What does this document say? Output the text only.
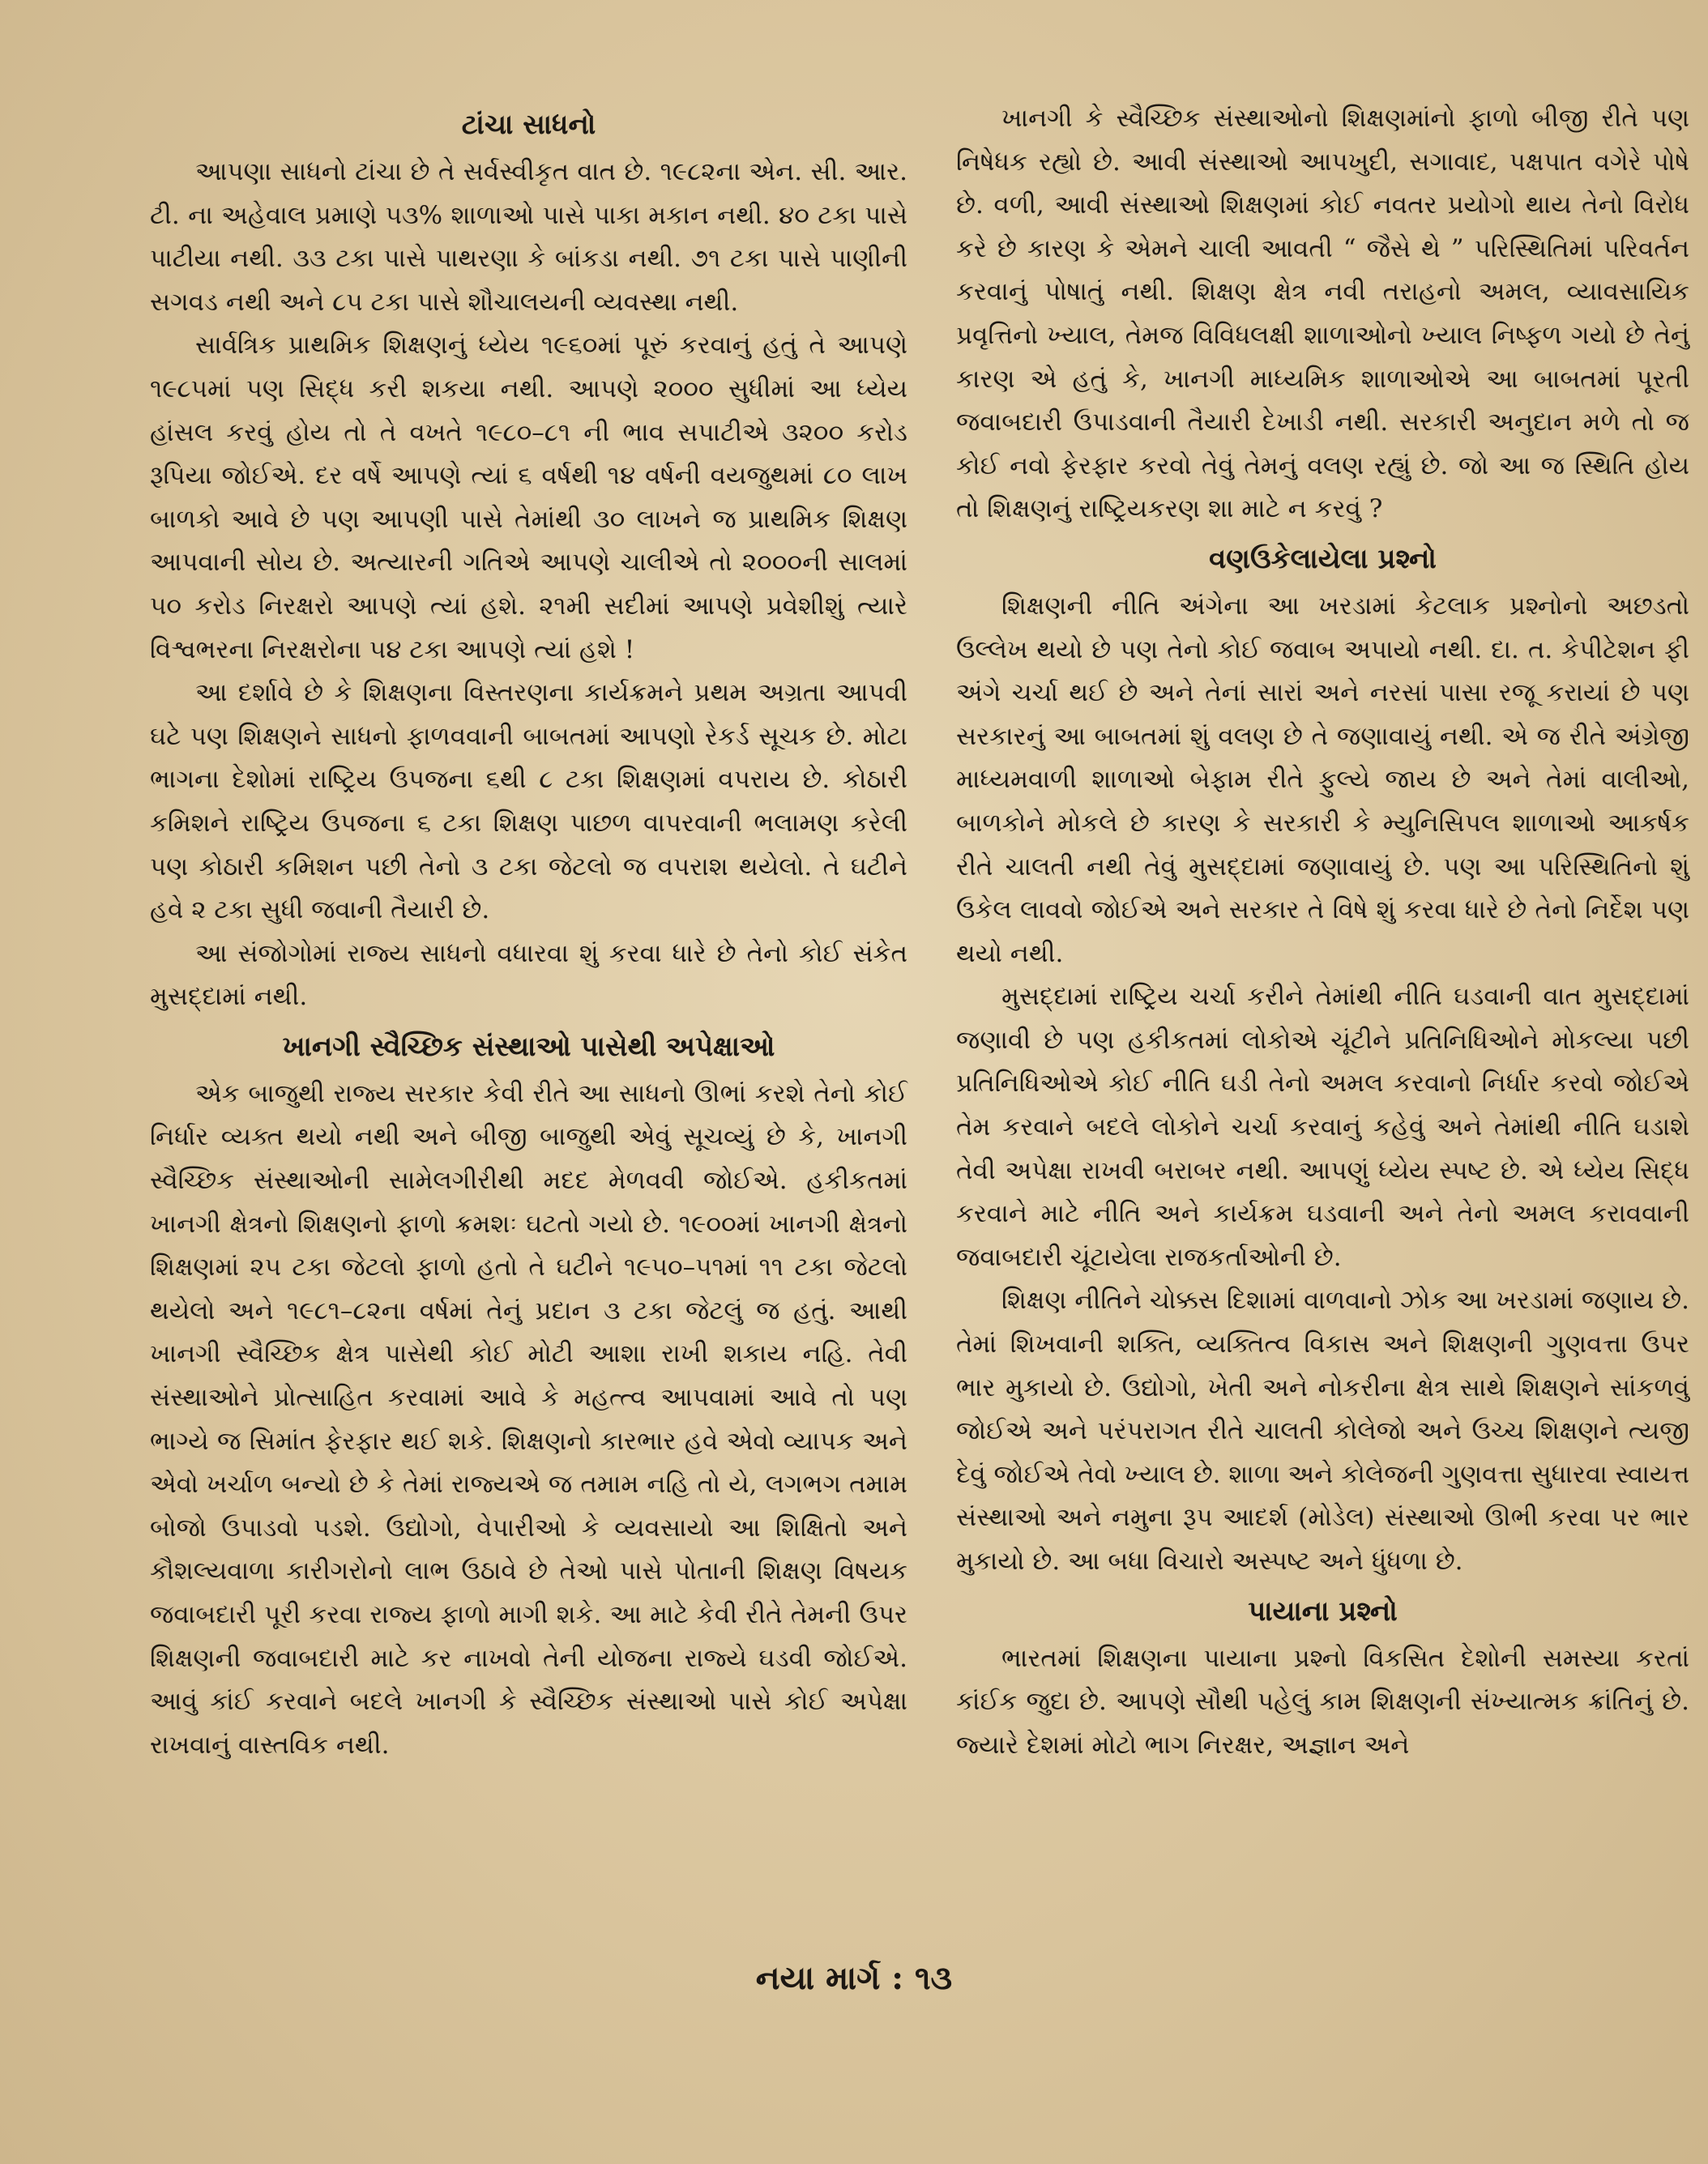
ટાંચા સાધનો

આપણા સાધનો ટાંચા છે તે સર્વસ્વીકૃત વાત છે. ૧૯૮૨ના એન. સી. આર. ટી. ના અહેવાલ પ્રમાણે ૫૩% શાળાઓ પાસે પાકા મકાન નથી. ૪૦ ટકા પાસે પાટીયા નથી. ૩૩ ટકા પાસે પાથરણા કે બાંકડા નથી. ૭૧ ટકા પાસે પાણીની સગવડ નથી અને ૮૫ ટકા પાસે શૌચાલયની વ્યવસ્થા નથી.

સાર્વત્રિક પ્રાથમિક શિક્ષણનું ધ્યેય ૧૯૬૦માં પૂરું કરવાનું હતું તે આપણે ૧૯૮૫માં પણ સિદ્ધ કરી શકયા નથી. આપણે ૨૦૦૦ સુધીમાં આ ધ્યેય હાંસલ કરવું હોય તો તે વખતે ૧૯૮૦–૮૧ ની ભાવ સપાટીએ ૩૨૦૦ કરોડ રૂપિયા જોઈએ. દર વર્ષે આપણે ત્યાં ૬ વર્ષથી ૧૪ વર્ષની વયજુથમાં ૮૦ લાખ બાળકો આવે છે પણ આપણી પાસે તેમાંથી ૩૦ લાખને જ પ્રાથમિક શિક્ષણ આપવાની સોય છે. અત્યારની ગતિએ આપણે ચાલીએ તો ૨૦૦૦ની સાલમાં ૫૦ કરોડ નિરક્ષરો આપણે ત્યાં હશે. ૨૧મી સદીમાં આપણે પ્રવેશીશું ત્યારે વિશ્વભરના નિરક્ષરોના ૫૪ ટકા આપણે ત્યાં હશે !

આ દર્શાવે છે કે શિક્ષણના વિસ્તરણના કાર્યક્રમને પ્રથમ અગ્રતા આપવી ઘટે પણ શિક્ષણને સાધનો ફાળવવાની બાબતમાં આપણો રેકર્ડ સૂચક છે. મોટા ભાગના દેશોમાં રાષ્ટ્રિય ઉપજના ૬થી ૮ ટકા શિક્ષણમાં વપરાય છે. કોઠારી કમિશને રાષ્ટ્રિય ઉપજના ૬ ટકા શિક્ષણ પાછળ વાપરવાની ભલામણ કરેલી પણ કોઠારી કમિશન પછી તેનો ૩ ટકા જેટલો જ વપરાશ થયેલો. તે ઘટીને હવે ૨ ટકા સુધી જવાની તૈયારી છે.

આ સંજોગોમાં રાજ્ય સાધનો વધારવા શું કરવા ધારે છે તેનો કોઈ સંકેત મુસદ્દામાં નથી.

ખાનગી સ્વૈચ્છિક સંસ્થાઓ પાસેથી અપેક્ષાઓ

એક બાજુથી રાજ્ય સરકાર કેવી રીતે આ સાધનો ઊભાં કરશે તેનો કોઈ નિર્ધાર વ્યક્ત થયો નથી અને બીજી બાજુથી એવું સૂચવ્યું છે કે, ખાનગી સ્વૈચ્છિક સંસ્થાઓની સામેલગીરીથી મદદ મેળવવી જોઈએ. હકીકતમાં ખાનગી ક્ષેત્રનો શિક્ષણનો ફાળો ક્રમશઃ ઘટતો ગયો છે. ૧૯૦૦માં ખાનગી ક્ષેત્રનો શિક્ષણમાં ૨૫ ટકા જેટલો ફાળો હતો તે ઘટીને ૧૯૫૦–૫૧માં ૧૧ ટકા જેટલો થયેલો અને ૧૯૮૧–૮૨ના વર્ષમાં તેનું પ્રદાન ૩ ટકા જેટલું જ હતું. આથી ખાનગી સ્વૈચ્છિક ક્ષેત્ર પાસેથી કોઈ મોટી આશા રાખી શકાય નહિ. તેવી સંસ્થાઓને પ્રોત્સાહિત કરવામાં આવે કે મહત્ત્વ આપવામાં આવે તો પણ ભાગ્યે જ સિમાંત ફેરફાર થઈ શકે. શિક્ષણનો કારભાર હવે એવો વ્યાપક અને એવો ખર્ચાળ બન્યો છે કે તેમાં રાજ્યએ જ તમામ નહિ તો યે, લગભગ તમામ બોજો ઉપાડવો પડશે. ઉદ્યોગો, વેપારીઓ કે વ્યવસાયો આ શિક્ષિતો અને કૌશલ્યવાળા કારીગરોનો લાભ ઉઠાવે છે તેઓ પાસે પોતાની શિક્ષણ વિષયક જવાબદારી પૂરી કરવા રાજ્ય ફાળો માગી શકે. આ માટે કેવી રીતે તેમની ઉપર શિક્ષણની જવાબદારી માટે કર નાખવો તેની યોજના રાજ્યે ઘડવી જોઈએ. આવું કાંઈ કરવાને બદલે ખાનગી કે સ્વૈચ્છિક સંસ્થાઓ પાસે કોઈ અપેક્ષા રાખવાનું વાસ્તવિક નથી.

ખાનગી કે સ્વૈચ્છિક સંસ્થાઓનો શિક્ષણમાંનો ફાળો બીજી રીતે પણ નિષેધક રહ્યો છે. આવી સંસ્થાઓ આપખુદી, સગાવાદ, પક્ષપાત વગેરે પોષે છે. વળી, આવી સંસ્થાઓ શિક્ષણમાં કોઈ નવતર પ્રયોગો થાય તેનો વિરોધ કરે છે કારણ કે એમને ચાલી આવતી “ જૈસે થે ” પરિસ્થિતિમાં પરિવર્તન કરવાનું પોષાતું નથી. શિક્ષણ ક્ષેત્ર નવી તરાહનો અમલ, વ્યાવસાયિક પ્રવૃત્તિનો ખ્યાલ, તેમજ વિવિધલક્ષી શાળાઓનો ખ્યાલ નિષ્ફળ ગયો છે તેનું કારણ એ હતું કે, ખાનગી માધ્યમિક શાળાઓએ આ બાબતમાં પૂરતી જવાબદારી ઉપાડવાની તૈયારી દેખાડી નથી. સરકારી અનુદાન મળે તો જ કોઈ નવો ફેરફાર કરવો તેવું તેમનું વલણ રહ્યું છે. જો આ જ સ્થિતિ હોય તો શિક્ષણનું રાષ્ટ્રિયકરણ શા માટે ન કરવું ?

વણઉકેલાયેલા પ્રશ્નો

શિક્ષણની નીતિ અંગેના આ ખરડામાં કેટલાક પ્રશ્નોનો અછડતો ઉલ્લેખ થયો છે પણ તેનો કોઈ જવાબ અપાયો નથી. દા. ત. કેપીટેશન ફી અંગે ચર્ચા થઈ છે અને તેનાં સારાં અને નરસાં પાસા રજૂ કરાયાં છે પણ સરકારનું આ બાબતમાં શું વલણ છે તે જણાવાયું નથી. એ જ રીતે અંગ્રેજી માધ્યમવાળી શાળાઓ બેફામ રીતે ફુલ્યે જાય છે અને તેમાં વાલીઓ, બાળકોને મોકલે છે કારણ કે સરકારી કે મ્યુનિસિપલ શાળાઓ આકર્ષક રીતે ચાલતી નથી તેવું મુસદ્દામાં જણાવાયું છે. પણ આ પરિસ્થિતિનો શું ઉકેલ લાવવો જોઈએ અને સરકાર તે વિષે શું કરવા ધારે છે તેનો નિર્દેશ પણ થયો નથી.

મુસદ્દામાં રાષ્ટ્રિય ચર્ચા કરીને તેમાંથી નીતિ ઘડવાની વાત મુસદ્દામાં જણાવી છે પણ હકીકતમાં લોકોએ ચૂંટીને પ્રતિનિધિઓને મોકલ્યા પછી પ્રતિનિધિઓએ કોઈ નીતિ ઘડી તેનો અમલ કરવાનો નિર્ધાર કરવો જોઈએ તેમ કરવાને બદલે લોકોને ચર્ચા કરવાનું કહેવું અને તેમાંથી નીતિ ઘડાશે તેવી અપેક્ષા રાખવી બરાબર નથી. આપણું ધ્યેય સ્પષ્ટ છે. એ ધ્યેય સિદ્ધ કરવાને માટે નીતિ અને કાર્યક્રમ ઘડવાની અને તેનો અમલ કરાવવાની જવાબદારી ચૂંટાયેલા રાજકર્તાઓની છે.

શિક્ષણ નીતિને ચોક્કસ દિશામાં વાળવાનો ઝોક આ ખરડામાં જણાય છે. તેમાં શિખવાની શક્તિ, વ્યક્તિત્વ વિકાસ અને શિક્ષણની ગુણવત્તા ઉપર ભાર મુકાયો છે. ઉદ્યોગો, ખેતી અને નોકરીના ક્ષેત્ર સાથે શિક્ષણને સાંકળવું જોઈએ અને પરંપરાગત રીતે ચાલતી કોલેજો અને ઉચ્ચ શિક્ષણને ત્યજી દેવું જોઈએ તેવો ખ્યાલ છે. શાળા અને કોલેજની ગુણવત્તા સુધારવા સ્વાયત્ત સંસ્થાઓ અને નમુના રૂપ આદર્શ (મોડેલ) સંસ્થાઓ ઊભી કરવા પર ભાર મુકાયો છે. આ બધા વિચારો અસ્પષ્ટ અને ધુંધળા છે.

પાયાના પ્રશ્નો

ભારતમાં શિક્ષણના પાયાના પ્રશ્નો વિકસિત દેશોની સમસ્યા કરતાં કાંઈક જુદા છે. આપણે સૌથી પહેલું કામ શિક્ષણની સંખ્યાત્મક ક્રાંતિનું છે. જ્યારે દેશમાં મોટો ભાગ નિરક્ષર, અજ્ઞાન અને

નયા માર્ગ : ૧૩
